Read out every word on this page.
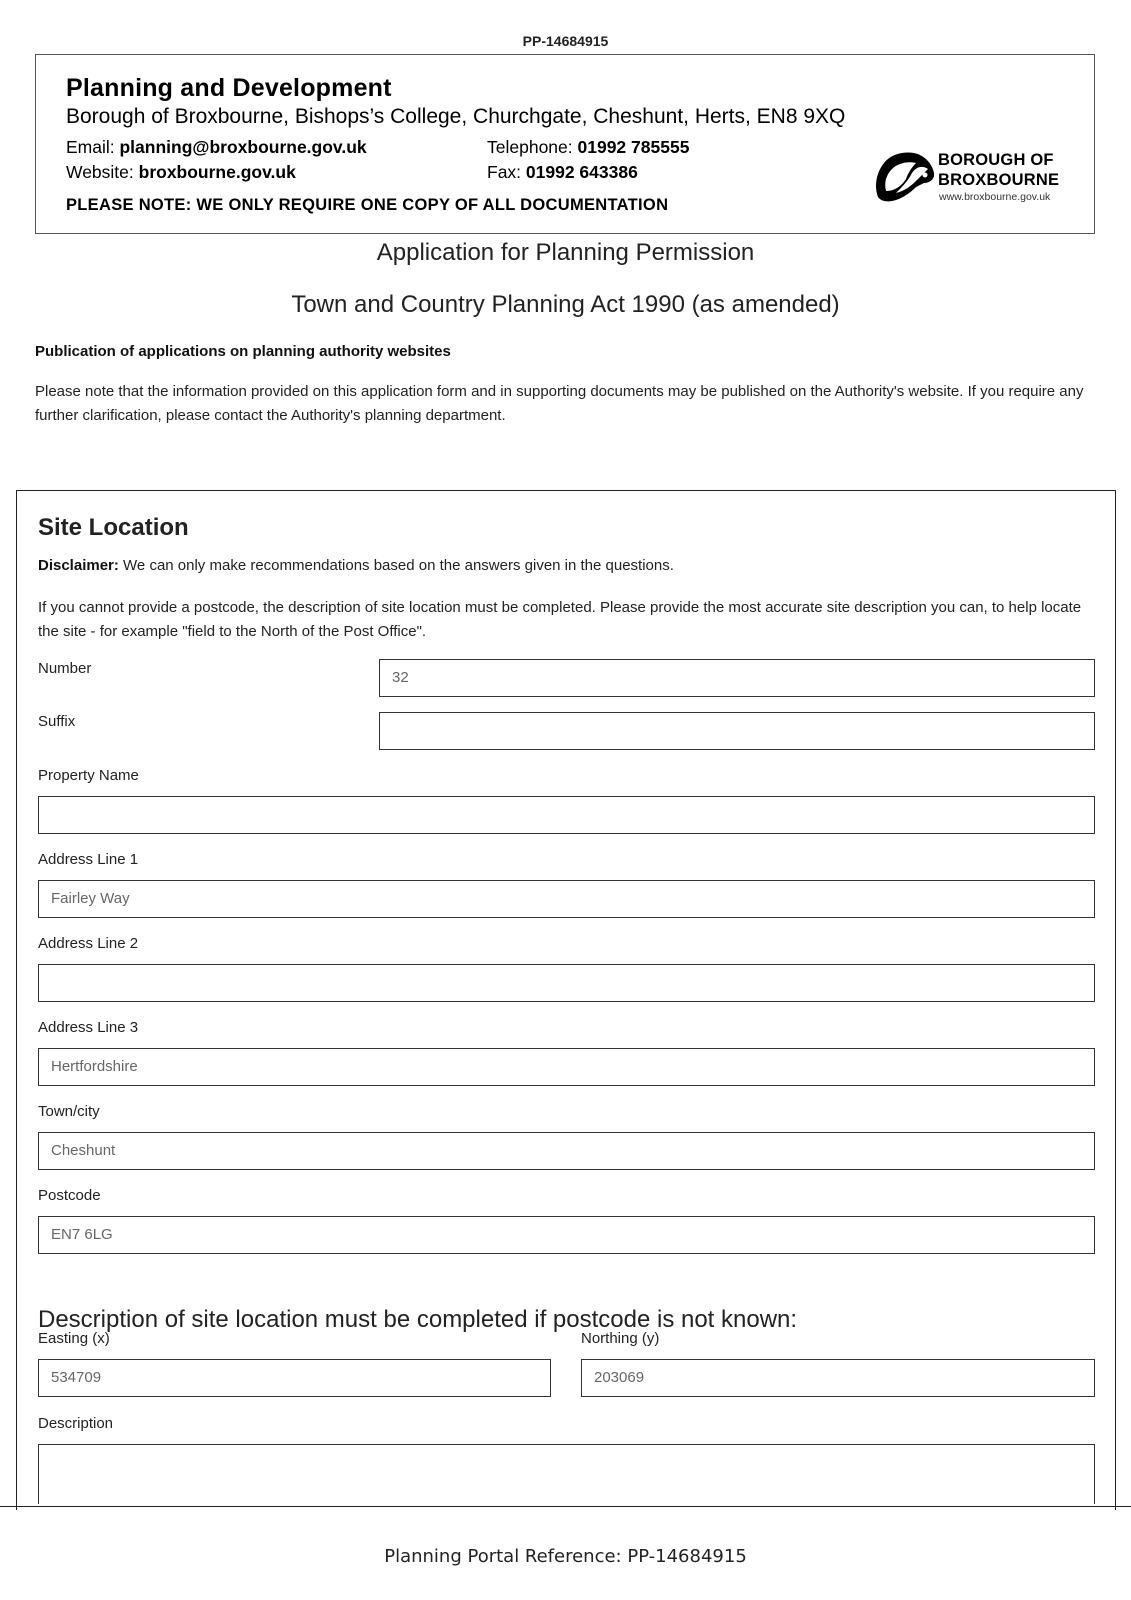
PP-14684915
Planning and Development
Borough of Broxbourne, Bishops’s College, Churchgate, Cheshunt, Herts, EN8 9XQ
Email: planning@broxbourne.gov.uk
Website: broxbourne.gov.uk
Telephone: 01992 785555
Fax: 01992 643386
PLEASE NOTE: WE ONLY REQUIRE ONE COPY OF ALL DOCUMENTATION
BOROUGH OF
BROXBOURNE
www.broxbourne.gov.uk
Application for Planning Permission
Town and Country Planning Act 1990 (as amended)
Publication of applications on planning authority websites
Please note that the information provided on this application form and in supporting documents may be published on the Authority's website. If you require any further clarification, please contact the Authority's planning department.
Site Location
Disclaimer: We can only make recommendations based on the answers given in the questions.
If you cannot provide a postcode, the description of site location must be completed. Please provide the most accurate site description you can, to help locate the site - for example "field to the North of the Post Office".
Number
32
Suffix
Property Name
Address Line 1
Fairley Way
Address Line 2
Address Line 3
Hertfordshire
Town/city
Cheshunt
Postcode
EN7 6LG
Description of site location must be completed if postcode is not known:
Easting (x)
534709
Northing (y)
203069
Description
Planning Portal Reference: PP-14684915
